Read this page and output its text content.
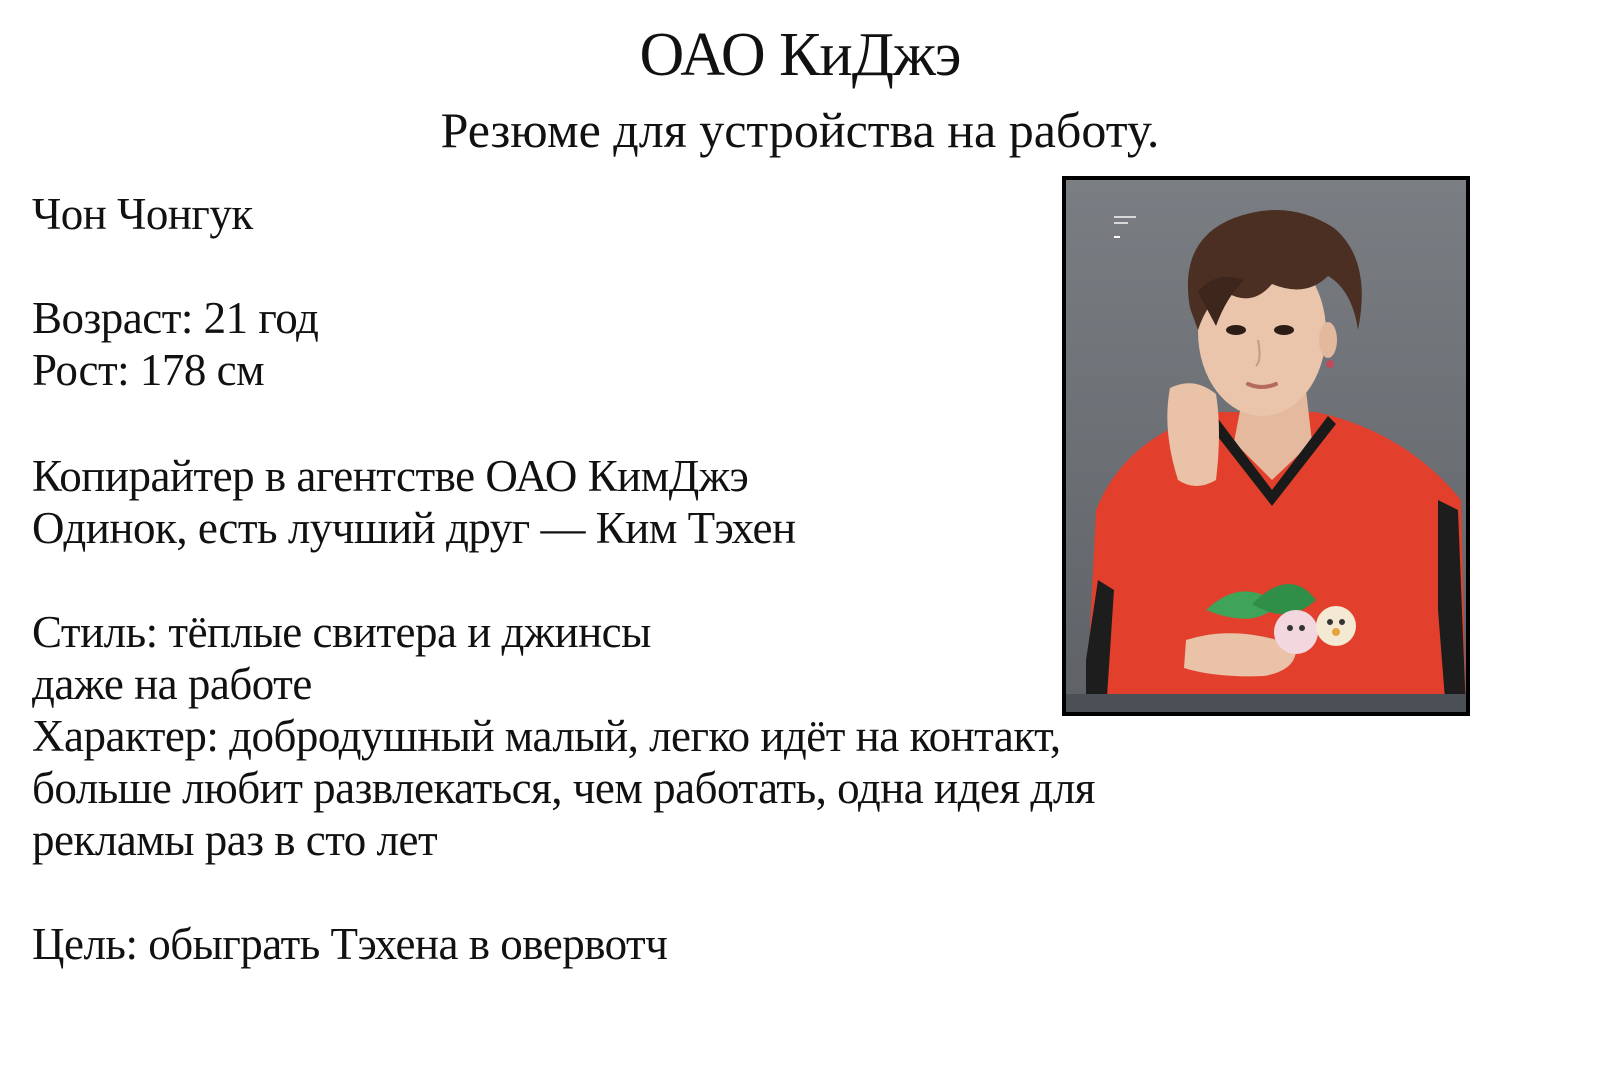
ОАО КиДжэ
Резюме для устройства на работу.
Чон Чонгук
Возраст: 21 год
Рост: 178 см
Копирайтер в агентстве ОАО КимДжэ
Одинок, есть лучший друг — Ким Тэхен
Стиль: тёплые свитера и джинсы
даже на работе
Характер: добродушный малый, легко идёт на контакт,
больше любит развлекаться, чем работать, одна идея для
рекламы раз в сто лет
Цель: обыграть Тэхена в овервотч
